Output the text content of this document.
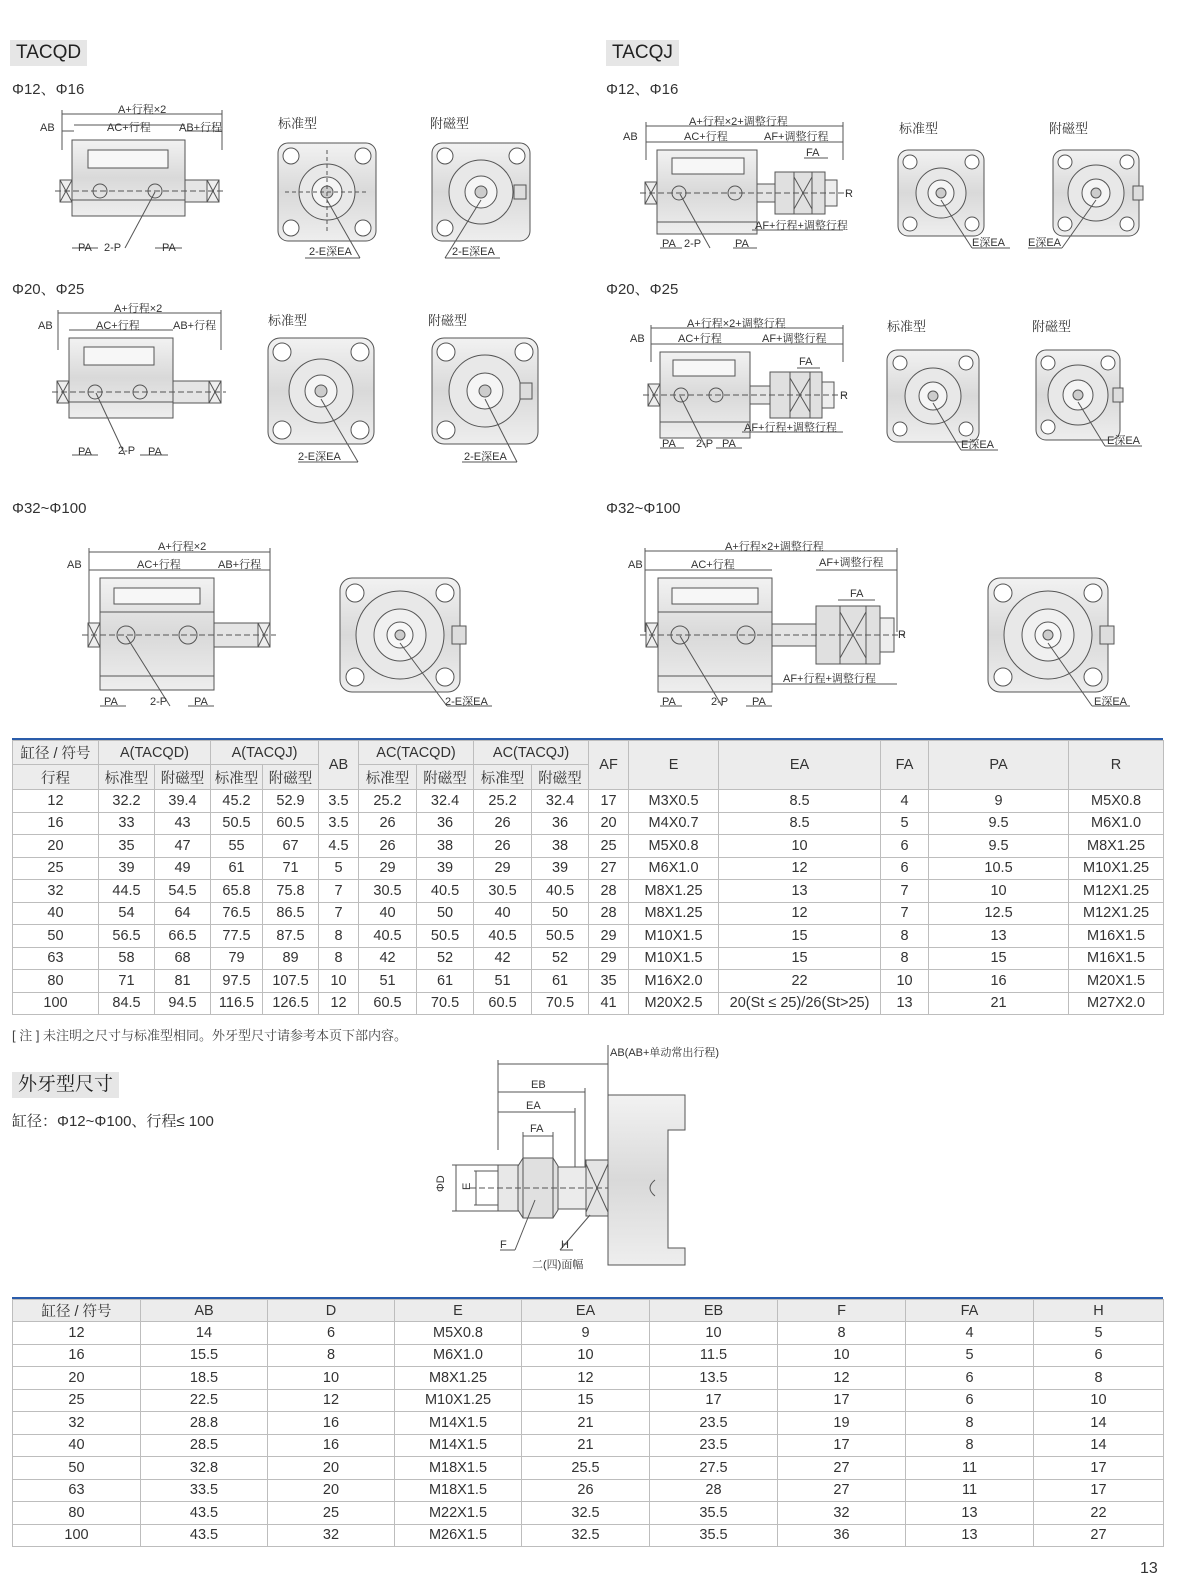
TACQD	TACQJ
Φ12、Φ16
Φ20、Φ25
Φ32~Φ100
Φ12、Φ16
Φ20、Φ25
Φ32~Φ100
A+行程×2
AB	AC+行程	AB+行程
PA 2-P	PA
标准型
2-E深EA
附磁型
2-E深EA
A+行程×2
AB	AC+行程	AB+行程
PA 2-P PA
标准型
2-E深EA
附磁型
2-E深EA
A+行程×2
AB	AC+行程	AB+行程
PA	2-P PA	2-E深EA
A+行程×2+调整行程
AB	AC+行程	AF+调整行程
FA
R
PA 2-P	PA
AF+行程+调整行程
标准型
E深EA
附磁型
E深EA
A+行程×2+调整行程
AB	AC+行程	AF+调整行程
FA
R
PA 2-P PA
AF+行程+调整行程
标准型
E深EA
附磁型
E深EA
A+行程×2+调整行程
AB	AC+行程	AF+调整行程
FA
R
PA	2-P PA
AF+行程+调整行程
E深EA
缸径 / 符号	A(TACQD)		A(TACQJ)		AB	AC(TACQD)		AC(TACQJ)		AF	E	EA	FA	PA	R
行程	标准型	附磁型	标准型	附磁型		标准型	附磁型	标准型	附磁型						
12	32.2	39.4	45.2	52.9	3.5	25.2	32.4	25.2	32.4	17	M3X0.5	8.5	4	9	M5X0.8
16	33	43	50.5	60.5	3.5	26	36	26	36	20	M4X0.7	8.5	5	9.5	M6X1.0
20	35	47	55	67	4.5	26	38	26	38	25	M5X0.8	10	6	9.5	M8X1.25
25	39	49	61	71	5	29	39	29	39	27	M6X1.0	12	6	10.5	M10X1.25
32	44.5	54.5	65.8	75.8	7	30.5	40.5	30.5	40.5	28	M8X1.25	13	7	10	M12X1.25
40	54	64	76.5	86.5	7	40	50	40	50	28	M8X1.25	12	7	12.5	M12X1.25
50	56.5	66.5	77.5	87.5	8	40.5	50.5	40.5	50.5	29	M10X1.5	15	8	13	M16X1.5
63	58	68	79	89	8	42	52	42	52	29	M10X1.5	15	8	15	M16X1.5
80	71	81	97.5	107.5	10	51	61	51	61	35	M16X2.0	22	10	16	M20X1.5
100	84.5	94.5	116.5	126.5	12	60.5	70.5	60.5	70.5	41	M20X2.5	20(St ≤ 25)/26(St>25)	13	21	M27X2.0
[ 注 ] 未注明之尺寸与标准型相同。外牙型尺寸请参考本页下部内容。
外牙型尺寸
缸径：Φ12~Φ100、行程≤ 100
AB(AB+单动常出行程)
EB
EA
FA
ΦD E
F	H
二(四)面幅
缸径 / 符号	AB	D	E	EA	EB	F	FA	H
12	14	6	M5X0.8	9	10	8	4	5
16	15.5	8	M6X1.0	10	11.5	10	5	6
20	18.5	10	M8X1.25	12	13.5	12	6	8
25	22.5	12	M10X1.25	15	17	17	6	10
32	28.8	16	M14X1.5	21	23.5	19	8	14
40	28.5	16	M14X1.5	21	23.5	17	8	14
50	32.8	20	M18X1.5	25.5	27.5	27	11	17
63	33.5	20	M18X1.5	26	28	27	11	17
80	43.5	25	M22X1.5	32.5	35.5	32	13	22
100	43.5	32	M26X1.5	32.5	35.5	36	13	27
13
